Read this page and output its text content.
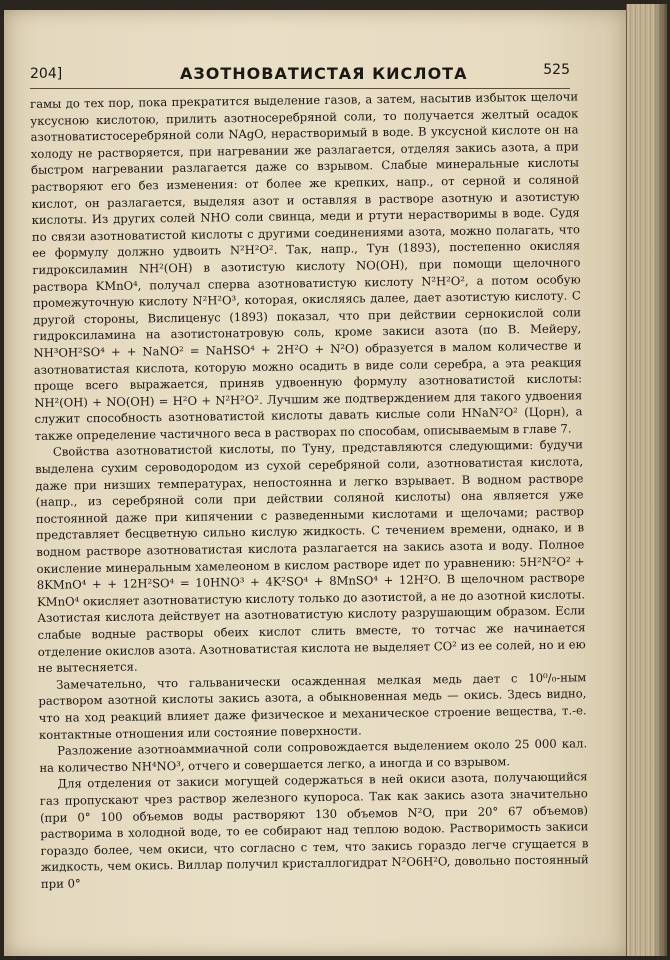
204]	АЗОТНОВАТИСТАЯ КИСЛОТА	525

гамы до тех пор, пока прекратится выделение газов, а затем, насытив избыток щелочи уксусною кислотою, прилить азотносеребряной соли, то получается желтый осадок азотноватистосеребряной соли NAgO, нерастворимый в воде. В уксусной кислоте он на холоду не растворяется, при нагревании же разлагается, отделяя закись азота, а при быстром нагревании разлагается даже со взрывом. Слабые минеральные кислоты растворяют его без изменения: от более же крепких, напр., от серной и соляной кислот, он разлагается, выделяя азот и оставляя в растворе азотную и азотистую кислоты. Из других солей NHO соли свинца, меди и ртути нерастворимы в воде. Судя по связи азотноватистой кислоты с другими соединениями азота, можно полагать, что ее формулу должно удвоить N²H²O². Так, напр., Тун (1893), постепенно окисляя гидроксиламин NH²(OH) в азотистую кислоту NO(OH), при помощи щелочного раствора KMnO⁴, получал сперва азотноватистую кислоту N²H²O², а потом особую промежуточную кислоту N²H²O³, которая, окисляясь далее, дает азотистую кислоту. С другой стороны, Вислиценус (1893) показал, что при действии сернокислой соли гидроксиламина на азотистонатровую соль, кроме закиси азота (по В. Мейеру, NH³OH²SO⁴ + + NaNO² = NaHSO⁴ + 2H²O + N²O) образуется в малом количестве и азотноватистая кислота, которую можно осадить в виде соли серебра, а эта реакция проще всего выражается, приняв удвоенную формулу азотноватистой кислоты: NH²(OH) + NO(OH) = H²O + N²H²O². Лучшим же подтверждением для такого удвоения служит способность азотноватистой кислоты давать кислые соли HNaN²O² (Цорн), а также определение частичного веса в растворах по способам, описываемым в главе 7.

Свойства азотноватистой кислоты, по Туну, представляются следующими: будучи выделена сухим сероводородом из сухой серебряной соли, азотноватистая кислота, даже при низших температурах, непостоянна и легко взрывает. В водном растворе (напр., из серебряной соли при действии соляной кислоты) она является уже постоянной даже при кипячении с разведенными кислотами и щелочами; раствор представляет бесцветную сильно кислую жидкость. С течением времени, однако, и в водном растворе азотноватистая кислота разлагается на закись азота и воду. Полное окисление минеральным хамелеоном в кислом растворе идет по уравнению: 5H²N²O² + 8KMnO⁴ + + 12H²SO⁴ = 10HNO³ + 4K²SO⁴ + 8MnSO⁴ + 12H²O. В щелочном растворе KMnO⁴ окисляет азотноватистую кислоту только до азотистой, а не до азотной кислоты. Азотистая кислота действует на азотноватистую кислоту разрушающим образом. Если слабые водные растворы обеих кислот слить вместе, то тотчас же начинается отделение окислов азота. Азотноватистая кислота не выделяет CO² из ее солей, но и ею не вытесняется.

Замечательно, что гальванически осажденная мелкая медь дает с 10⁰/₀-ным раствором азотной кислоты закись азота, а обыкновенная медь — окись. Здесь видно, что на ход реакций влияет даже физическое и механическое строение вещества, т.-е. контактные отношения или состояние поверхности.

Разложение азотноаммиачной соли сопровождается выделением около 25 000 кал. на количество NH⁴NO³, отчего и совершается легко, а иногда и со взрывом.

Для отделения от закиси могущей содержаться в ней окиси азота, получающийся газ пропускают чрез раствор железного купороса. Так как закись азота значительно (при 0° 100 объемов воды растворяют 130 объемов N²O, при 20° 67 объемов) растворима в холодной воде, то ее собирают над теплою водою. Растворимость закиси гораздо более, чем окиси, что согласно с тем, что закись гораздо легче сгущается в жидкость, чем окись. Виллар получил кристаллогидрат N²O6H²O, довольно постоянный при 0°
